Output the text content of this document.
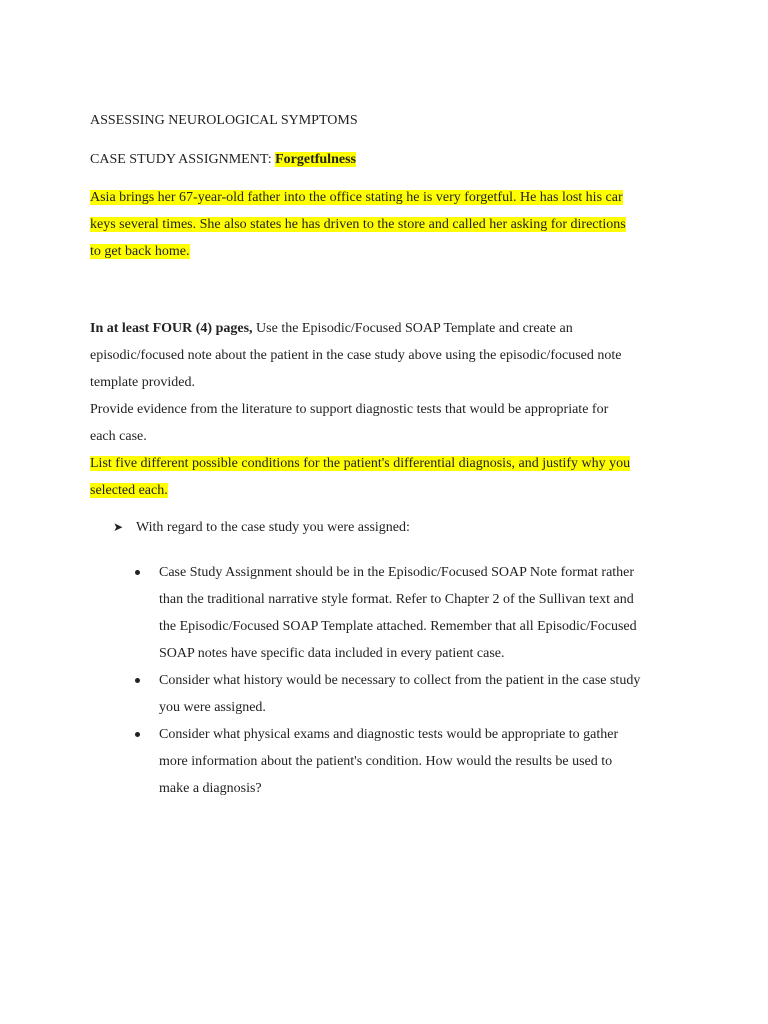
ASSESSING NEUROLOGICAL SYMPTOMS
CASE STUDY ASSIGNMENT: Forgetfulness
Asia brings her 67-year-old father into the office stating he is very forgetful. He has lost his car
keys several times. She also states he has driven to the store and called her asking for directions
to get back home.
In at least FOUR (4) pages, Use the Episodic/Focused SOAP Template and create an
episodic/focused note about the patient in the case study above using the episodic/focused note
template provided.
Provide evidence from the literature to support diagnostic tests that would be appropriate for
each case.
List five different possible conditions for the patient's differential diagnosis, and justify why you
selected each.
➤ With regard to the case study you were assigned:
Case Study Assignment should be in the Episodic/Focused SOAP Note format rather
than the traditional narrative style format. Refer to Chapter 2 of the Sullivan text and
the Episodic/Focused SOAP Template attached. Remember that all Episodic/Focused
SOAP notes have specific data included in every patient case.
Consider what history would be necessary to collect from the patient in the case study
you were assigned.
Consider what physical exams and diagnostic tests would be appropriate to gather
more information about the patient's condition. How would the results be used to
make a diagnosis?
